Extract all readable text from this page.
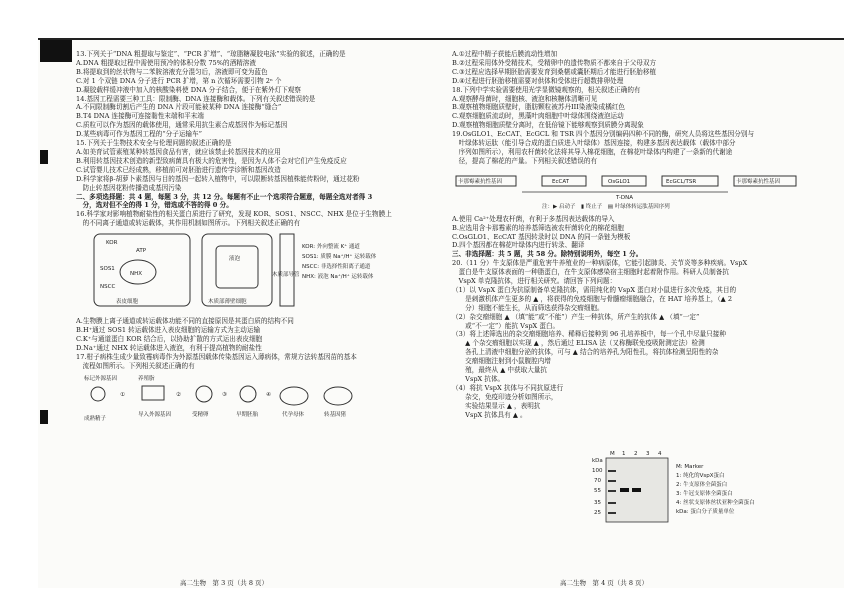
13.下列关于“DNA 粗提取与鉴定”、“PCR 扩增”、“琼脂糖凝胶电泳”实验的叙述，正确的是

A.DNA 粗提取过程中需使用预冷的体积分数 75%的酒精溶液

B.将提取到的丝状物与二苯胺溶液充分混匀后，溶液即可变为蓝色

C.对 1 个双链 DNA 分子进行 PCR 扩增，第 n 次循环需要引物 2ⁿ 个

D.凝胶载样缓冲液中加入的核酸染料使 DNA 分子结合，便于在紫外灯下观察

14.基因工程需要三种工具：限制酶、DNA 连接酶和载体。下列有关叙述错误的是

A.不同限制酶切割后产生的 DNA 片段可能被某种 DNA 连接酶“缝合”

B.T4 DNA 连接酶可连接黏性末端和平末端

C.质粒可以作为基因的载体使用，通常采用抗生素合成基因作为标记基因

D.某些病毒可作为基因工程的“分子运输车”

15.下列关于生物技术安全与伦理问题的叙述正确的是

A.如美育试管素殖某种转基因食品有害，就应该禁止转基因技术的应用

B.利用转基因技术创造的新型致病菌具有极大的危害性，是因为人体不会对它们产生免疫反应

C.试管婴儿技术已经成熟，移植前可对胚胎进行遗传学诊断和基因改造

D.科学家将β-胡萝卜素基因与目的基因一起转入植物中，可以限断转基因植株能传粉时，通过花粉

　防止转基因花粉传播造成基因污染

二、多项选择题：共 4 题，每题 3 分，共 12 分。每题有不止一个选项符合题意，每题全选对者得 3

　分，选对但不全的得 1 分，错选或不答的得 0 分。

16.科学家对影响植物耐盐性的相关蛋白质进行了研究，发现 KOR、SOS1、NSCC、NHX 是位于生物膜上

　的不同离子通道或转运载体，其作用机制如图所示。下列相关叙述正确的有

KOR
ATP
SOS1
NHX
NSCC
液泡
表皮细胞	木质部薄壁细胞
木质部导管
KOR: 外向整流 K⁺ 通道
SOS1: 质膜 Na⁺/H⁺ 运转载体
NSCC: 非选择性阳离子通道
NHX: 液泡 Na⁺/H⁺ 运转载体

A.生物膜上离子通道或转运载体功能不同的直接原因是其蛋白质的结构不同

B.H⁺通过 SOS1 转运载体进入表皮细胞的运输方式为主动运输

C.K⁺与通道蛋白 KOR 结合后，以协助扩散的方式运出表皮细胞

D.Na⁺通过 NHX 转运载体进入液泡，有利于提高植物的耐盐性

17.柑子病株生成少量致霉病毒作为外源基因载体传染基因运入薄病体，常规方法转基因苗的基本

　流程如图所示。下列相关叙述正确的有

标记外源基因
成熟精子
①
养殖脂
导入外源基因
②
受精卵
③
早期胚胎
④
代孕母体	转基因猪
高二生物　第 3 页（共 8 页）

A.①过程中精子获能后膜流动性增加

B.②过程采用体外受精技术，受精卵中的遗传物质不都来自于父母双方

C.③过程应选择早期胚胎需要发育到桑椹或囊胚期后才能进行胚胎移植

D.④过程进行胚胎移植需要对供体和受体进行超数排卵处理

18.下列中学实验需要使用光学显微镜观察的，相关叙述正确的有

A.观察酵母菌时，细胞核、液泡和核糖体清晰可见

B.观察植物细胞质壁时，脂肪颗粒被苏丹III染液染成橘红色

C.观察细胞质流动时，黑藻叶肉细胞中叶绿体围绕液泡运动

D.观察植物细胞质壁分离时，在低倍镜下能够观察到质膜分离现象

19.OsGLO1、EcCAT、EcGCL 和 TSR 四个基因分别编码四种不同的酶，研究人员将这些基因分别与

　叶绿体转运肽（能引导合成的蛋白质进入叶绿体）基因连接，构建多基因表达载体（载体中部分

　序列如图所示），利用农杆菌转化法将其导入棉花细胞，在棉花叶绿体内构建了一条新的代谢途

　径，提高了棉花的产量。下列相关叙述错误的有

卡那霉素抗性基因	EcCAT	OsGLO1	EcGCL/TSR	卡那霉素抗性基因
T-DNA
注：▶ 启动子　▮ 终止子　▤ 叶绿体转运肽基因序列

A.使用 Ca²⁺处理农杆菌，有利于多基因表达载体的导入

B.应选用含卡那霉素的培养基筛选被农杆菌转化的棉花细胞

C.OsGLO1、EcCAT 基因转录时以 DNA 的同一条链为模板

D.四个基因都在棉花叶绿体内进行转录、翻译

三、非选择题：共 5 题，共 58 分。除特别说明外，每空 1 分。

20.（11 分）牛支原体是严重危害牛养殖业的一种病原体，它能引起肺炎、关节炎等多种疾病。VspX

　蛋白是牛支原体表面的一种脂蛋白，在牛支原体感染宿主细胞时起着附作用。科研人员制备抗

　VspX 单克隆抗体，进行相关研究。请回答下列问题：

（1）以 VspX 蛋白为抗原制备单克隆抗体，需用纯化的 VspX 蛋白对小鼠进行多次免疫，其目的

　　是刺激机体产生更多的 ▲ ，将获得的免疫细胞与骨髓瘤细胞融合，在 HAT 培养基上，（▲ 2

　　分）细胞不能生长，从而筛选获得杂交瘤细胞。

（2）杂交瘤细胞 ▲ （填“能”或“不能”）产生一种抗体，所产生的抗体 ▲ （填“一定”

　　或“不一定”）能抗 VspX 蛋白。

（3）将上述筛选出的杂交瘤细胞培养、稀释后接种到 96 孔培养板中，每一个孔中尽量只接种

　　▲ 个杂交瘤细胞以实现 ▲ ，然后通过 ELISA 法（又称酶联免疫吸附测定法）检测

　　各孔上清液中细胞分泌的抗体，可与 ▲ 结合的培养孔为阳性孔，将抗体检测呈阳性的杂

　　交瘤细胞注射到小鼠腹腔内增

　　殖，最终从 ▲ 中获取大量抗

　　VspX 抗体。

（4）将抗 VspX 抗体与不同抗原进行

　　杂交，免疫印迹分析如图所示，

　　实验结果显示 ▲ ，表明抗

　　VspX 抗体具有 ▲ 。

M 1 2 3 4
kDa
100
70
55
35
25
M: Marker
1: 纯化的VspX蛋白
2: 牛支原体全菌蛋白
3: 牛冠支原体全菌蛋白
4: 丝状支原体丝状亚种全菌蛋白
kDa: 蛋白分子质量单位
高二生物　第 4 页（共 8 页）
